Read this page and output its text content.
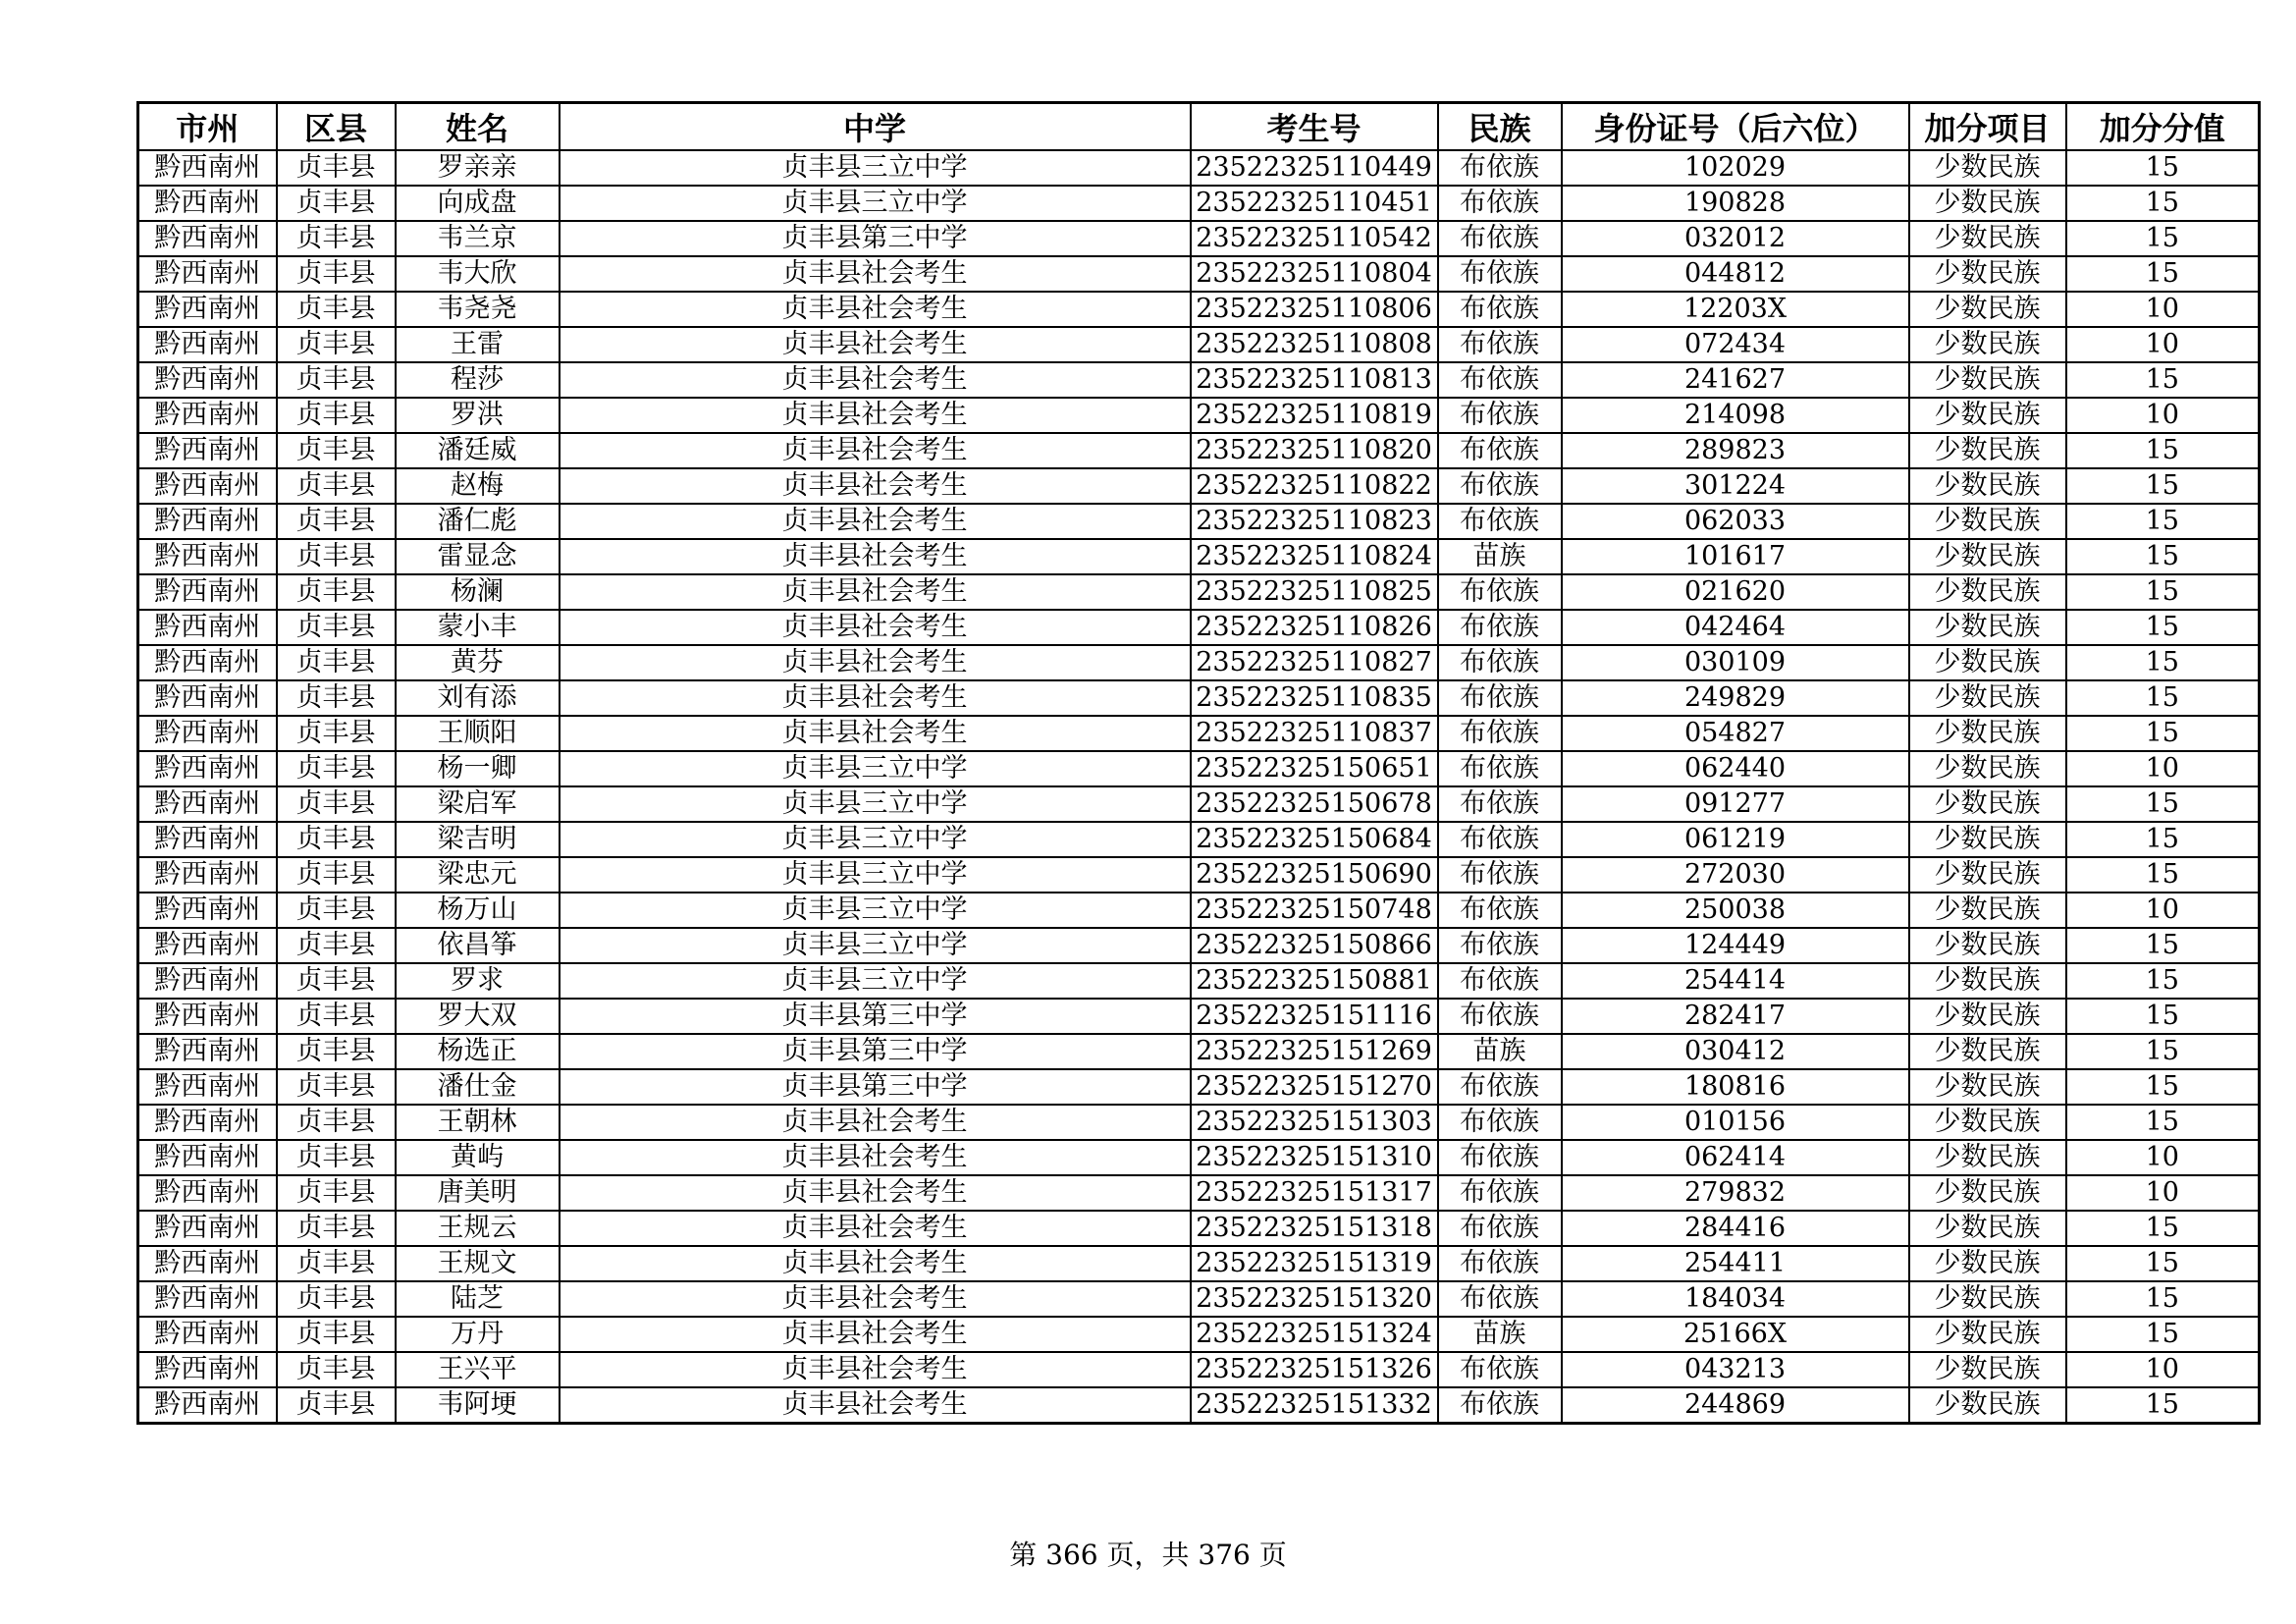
市州	区县	姓名	中学	考生号	民族	身份证号（后六位）	加分项目	加分分值
黔西南州	贞丰县	罗亲亲	贞丰县三立中学	23522325110449	布依族	102029	少数民族	15
黔西南州	贞丰县	向成盘	贞丰县三立中学	23522325110451	布依族	190828	少数民族	15
黔西南州	贞丰县	韦兰京	贞丰县第三中学	23522325110542	布依族	032012	少数民族	15
黔西南州	贞丰县	韦大欣	贞丰县社会考生	23522325110804	布依族	044812	少数民族	15
黔西南州	贞丰县	韦尧尧	贞丰县社会考生	23522325110806	布依族	12203X	少数民族	10
黔西南州	贞丰县	王雷	贞丰县社会考生	23522325110808	布依族	072434	少数民族	10
黔西南州	贞丰县	程莎	贞丰县社会考生	23522325110813	布依族	241627	少数民族	15
黔西南州	贞丰县	罗洪	贞丰县社会考生	23522325110819	布依族	214098	少数民族	10
黔西南州	贞丰县	潘廷威	贞丰县社会考生	23522325110820	布依族	289823	少数民族	15
黔西南州	贞丰县	赵梅	贞丰县社会考生	23522325110822	布依族	301224	少数民族	15
黔西南州	贞丰县	潘仁彪	贞丰县社会考生	23522325110823	布依族	062033	少数民族	15
黔西南州	贞丰县	雷显念	贞丰县社会考生	23522325110824	苗族	101617	少数民族	15
黔西南州	贞丰县	杨澜	贞丰县社会考生	23522325110825	布依族	021620	少数民族	15
黔西南州	贞丰县	蒙小丰	贞丰县社会考生	23522325110826	布依族	042464	少数民族	15
黔西南州	贞丰县	黄芬	贞丰县社会考生	23522325110827	布依族	030109	少数民族	15
黔西南州	贞丰县	刘有添	贞丰县社会考生	23522325110835	布依族	249829	少数民族	15
黔西南州	贞丰县	王顺阳	贞丰县社会考生	23522325110837	布依族	054827	少数民族	15
黔西南州	贞丰县	杨一卿	贞丰县三立中学	23522325150651	布依族	062440	少数民族	10
黔西南州	贞丰县	梁启军	贞丰县三立中学	23522325150678	布依族	091277	少数民族	15
黔西南州	贞丰县	梁吉明	贞丰县三立中学	23522325150684	布依族	061219	少数民族	15
黔西南州	贞丰县	梁忠元	贞丰县三立中学	23522325150690	布依族	272030	少数民族	15
黔西南州	贞丰县	杨万山	贞丰县三立中学	23522325150748	布依族	250038	少数民族	10
黔西南州	贞丰县	依昌筝	贞丰县三立中学	23522325150866	布依族	124449	少数民族	15
黔西南州	贞丰县	罗求	贞丰县三立中学	23522325150881	布依族	254414	少数民族	15
黔西南州	贞丰县	罗大双	贞丰县第三中学	23522325151116	布依族	282417	少数民族	15
黔西南州	贞丰县	杨选正	贞丰县第三中学	23522325151269	苗族	030412	少数民族	15
黔西南州	贞丰县	潘仕金	贞丰县第三中学	23522325151270	布依族	180816	少数民族	15
黔西南州	贞丰县	王朝林	贞丰县社会考生	23522325151303	布依族	010156	少数民族	15
黔西南州	贞丰县	黄屿	贞丰县社会考生	23522325151310	布依族	062414	少数民族	10
黔西南州	贞丰县	唐美明	贞丰县社会考生	23522325151317	布依族	279832	少数民族	10
黔西南州	贞丰县	王规云	贞丰县社会考生	23522325151318	布依族	284416	少数民族	15
黔西南州	贞丰县	王规文	贞丰县社会考生	23522325151319	布依族	254411	少数民族	15
黔西南州	贞丰县	陆芝	贞丰县社会考生	23522325151320	布依族	184034	少数民族	15
黔西南州	贞丰县	万丹	贞丰县社会考生	23522325151324	苗族	25166X	少数民族	15
黔西南州	贞丰县	王兴平	贞丰县社会考生	23522325151326	布依族	043213	少数民族	10
黔西南州	贞丰县	韦阿埂	贞丰县社会考生	23522325151332	布依族	244869	少数民族	15
第 366 页，共 376 页
